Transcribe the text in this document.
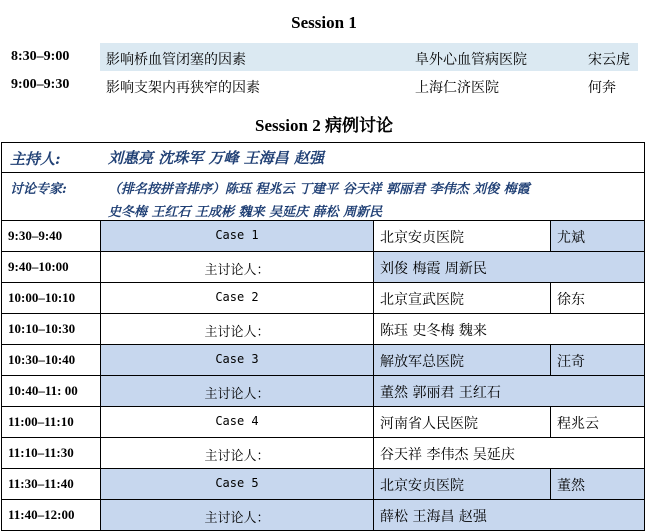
Session 1
8:30–9:00	影响桥血管闭塞的因素	阜外心血管病医院	宋云虎
9:00–9:30	影响支架内再狭窄的因素	上海仁济医院	何奔
Session 2 病例讨论
主持人:	刘惠亮 沈珠军 万峰 王海昌 赵强
讨论专家:	（排名按拼音排序）陈珏 程兆云 丁建平 谷天祥 郭丽君 李伟杰 刘俊 梅霞
史冬梅 王红石 王成彬 魏来 吴延庆 薛松 周新民
9:30–9:40	Case 1	北京安贞医院	尤斌
9:40–10:00	主讨论人：	刘俊 梅霞 周新民
10:00–10:10	Case 2	北京宣武医院	徐东
10:10–10:30	主讨论人：	陈珏 史冬梅 魏来
10:30–10:40	Case 3	解放军总医院	汪奇
10:40–11: 00	主讨论人：	董然 郭丽君 王红石
11:00–11:10	Case 4	河南省人民医院	程兆云
11:10–11:30	主讨论人：	谷天祥 李伟杰 吴延庆
11:30–11:40	Case 5	北京安贞医院	董然
11:40–12:00	主讨论人：	薛松 王海昌 赵强
